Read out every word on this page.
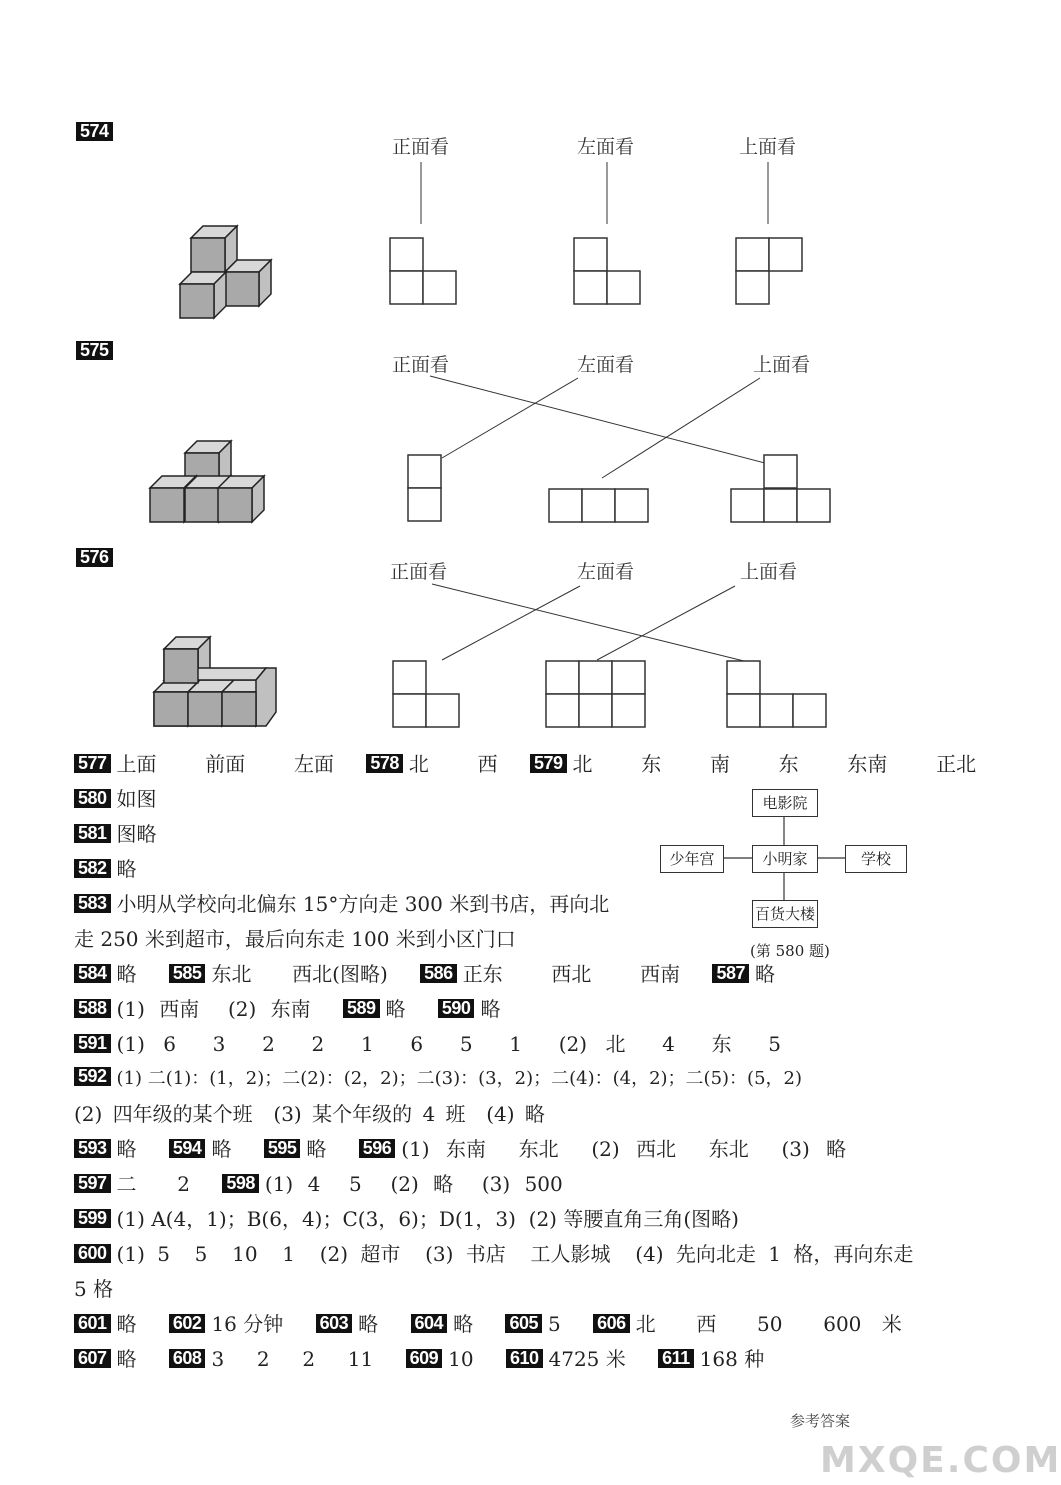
574
575
576
正面看	左面看	上面看
正面看	左面看	上面看
正面看	左面看	上面看
电影院
小明家
少年宫	学校
百货大楼
(第 580 题)
577 上面  前面  左面 578 北  西 579 北  东  南  东  东南  正北
580 如图
581 图略
582 略
583 小明从学校向北偏东 15°方向走 300 米到书店，再向北
走 250 米到超市，最后向东走 100 米到小区门口
584 略 585 东北  西北(图略) 586 正东  西北  西南 587 略
588 (1) 西南  (2) 东南 589 略 590 略
591 (1) 6  3  2  2  1  6  5  1  (2) 北  4  东  5
592 (1) 二(1)：(1，2)；二(2)：(2，2)；二(3)：(3，2)；二(4)：(4，2)；二(5)：(5，2)
(2) 四年级的某个班  (3) 某个年级的 4 班  (4) 略
593 略 594 略 595 略 596 (1) 东南  东北  (2) 西北  东北  (3) 略
597 二  2 598 (1) 4  5  (2) 略  (3) 500
599 (1) A(4，1)；B(6，4)；C(3，6)；D(1，3)  (2) 等腰直角三角(图略)
600 (1) 5  5  10  1  (2) 超市  (3) 书店  工人影城  (4) 先向北走 1 格，再向东走
5 格
601 略 602 16 分钟 603 略 604 略 605 5 606 北  西  50  600 米
607 略 608 3  2  2  11 609 10 610 4725 米 611 168 种
参考答案
MXQE.COM
